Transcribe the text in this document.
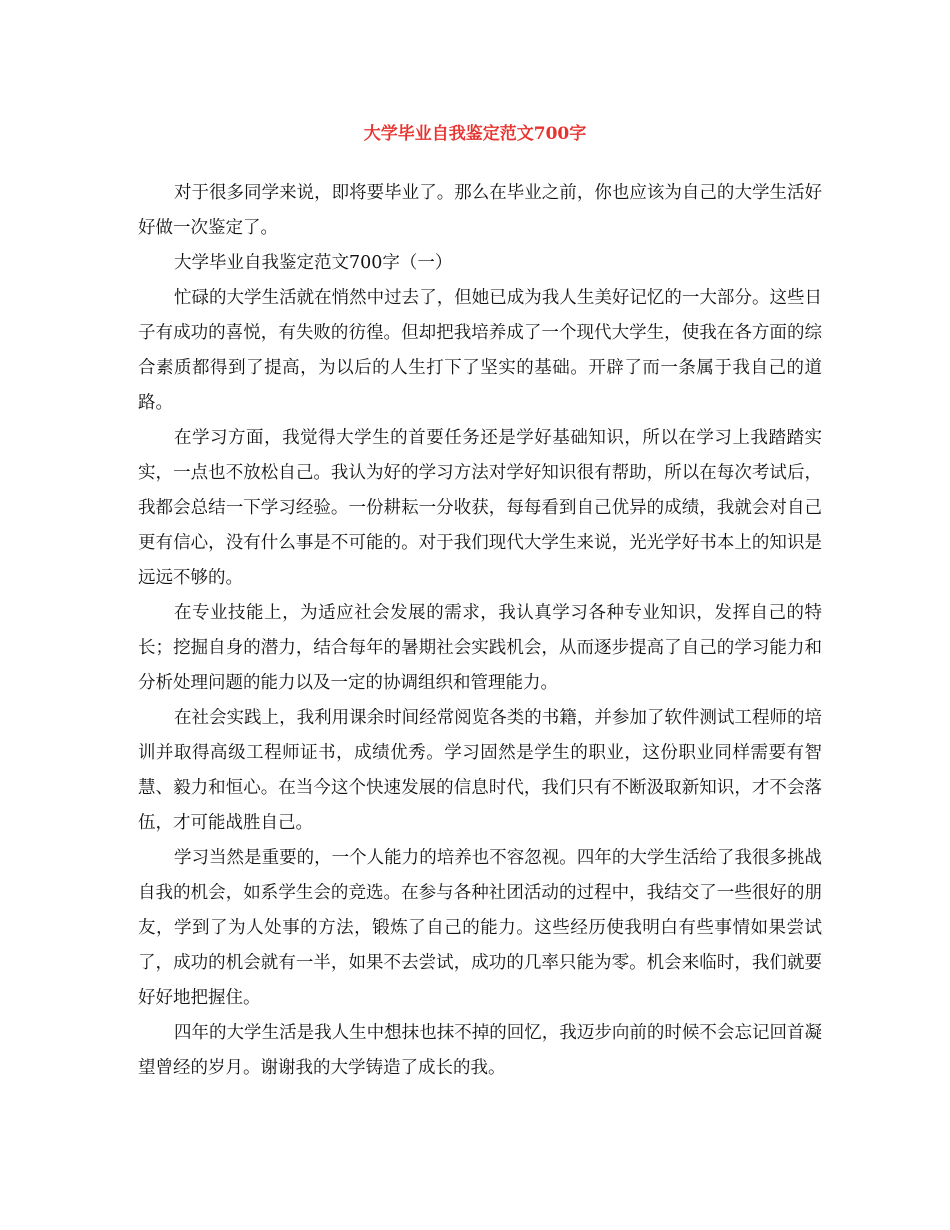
大学毕业自我鉴定范文700字

对于很多同学来说，即将要毕业了。那么在毕业之前，你也应该为自己的大学生活好好做一次鉴定了。

大学毕业自我鉴定范文700字（一）

忙碌的大学生活就在悄然中过去了，但她已成为我人生美好记忆的一大部分。这些日子有成功的喜悦，有失败的彷徨。但却把我培养成了一个现代大学生，使我在各方面的综合素质都得到了提高，为以后的人生打下了坚实的基础。开辟了而一条属于我自己的道路。

在学习方面，我觉得大学生的首要任务还是学好基础知识，所以在学习上我踏踏实实，一点也不放松自己。我认为好的学习方法对学好知识很有帮助，所以在每次考试后，我都会总结一下学习经验。一份耕耘一分收获，每每看到自己优异的成绩，我就会对自己更有信心，没有什么事是不可能的。对于我们现代大学生来说，光光学好书本上的知识是远远不够的。

在专业技能上，为适应社会发展的需求，我认真学习各种专业知识，发挥自己的特长；挖掘自身的潜力，结合每年的暑期社会实践机会，从而逐步提高了自己的学习能力和分析处理问题的能力以及一定的协调组织和管理能力。

在社会实践上，我利用课余时间经常阅览各类的书籍，并参加了软件测试工程师的培训并取得高级工程师证书，成绩优秀。学习固然是学生的职业，这份职业同样需要有智慧、毅力和恒心。在当今这个快速发展的信息时代，我们只有不断汲取新知识，才不会落伍，才可能战胜自己。

学习当然是重要的，一个人能力的培养也不容忽视。四年的大学生活给了我很多挑战自我的机会，如系学生会的竞选。在参与各种社团活动的过程中，我结交了一些很好的朋友，学到了为人处事的方法，锻炼了自己的能力。这些经历使我明白有些事情如果尝试了，成功的机会就有一半，如果不去尝试，成功的几率只能为零。机会来临时，我们就要好好地把握住。

四年的大学生活是我人生中想抹也抹不掉的回忆，我迈步向前的时候不会忘记回首凝望曾经的岁月。谢谢我的大学铸造了成长的我。
